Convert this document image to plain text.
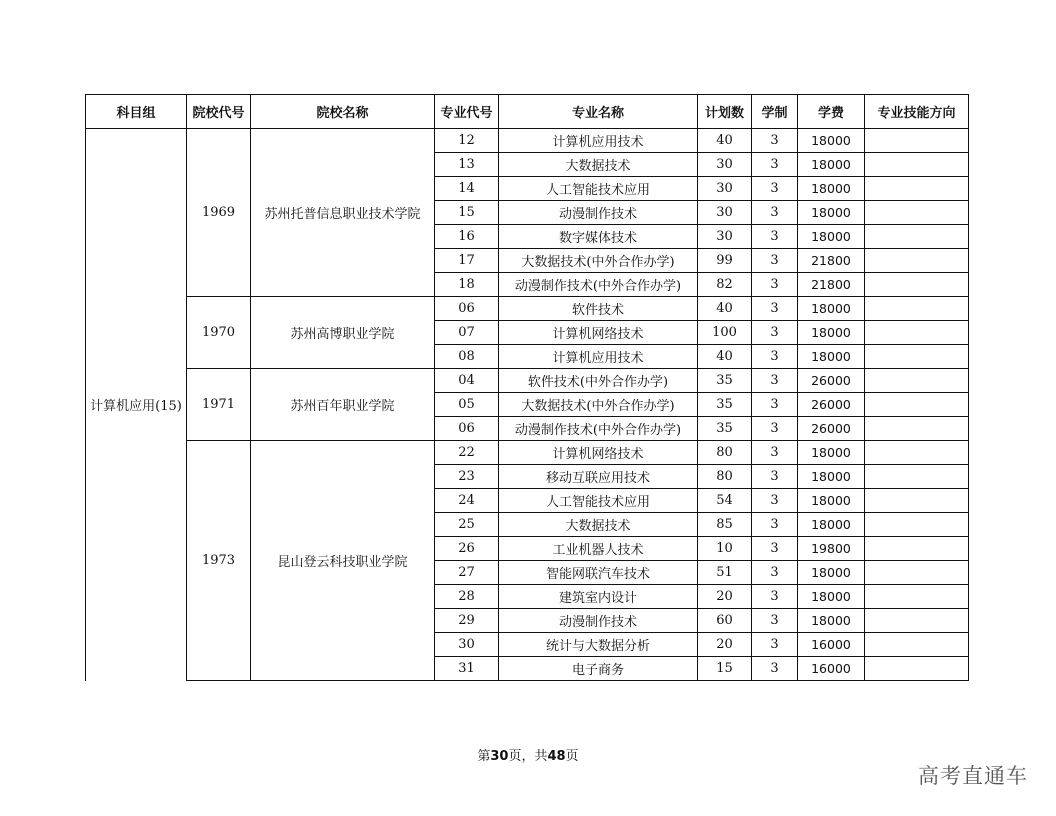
科目组	院校代号	院校名称	专业代号	专业名称	计划数	学制	学费	专业技能方向
计算机应用(15)	1969	苏州托普信息职业技术学院	12	计算机应用技术	40	3	18000	
			13	大数据技术	30	3	18000	
			14	人工智能技术应用	30	3	18000	
			15	动漫制作技术	30	3	18000	
			16	数字媒体技术	30	3	18000	
			17	大数据技术(中外合作办学)	99	3	21800	
			18	动漫制作技术(中外合作办学)	82	3	21800	
	1970	苏州高博职业学院	06	软件技术	40	3	18000	
			07	计算机网络技术	100	3	18000	
			08	计算机应用技术	40	3	18000	
	1971	苏州百年职业学院	04	软件技术(中外合作办学)	35	3	26000	
			05	大数据技术(中外合作办学)	35	3	26000	
			06	动漫制作技术(中外合作办学)	35	3	26000	
	1973	昆山登云科技职业学院	22	计算机网络技术	80	3	18000	
			23	移动互联应用技术	80	3	18000	
			24	人工智能技术应用	54	3	18000	
			25	大数据技术	85	3	18000	
			26	工业机器人技术	10	3	19800	
			27	智能网联汽车技术	51	3	18000	
			28	建筑室内设计	20	3	18000	
			29	动漫制作技术	60	3	18000	
			30	统计与大数据分析	20	3	16000	
			31	电子商务	15	3	16000	
第30页，共48页
高考直通车
